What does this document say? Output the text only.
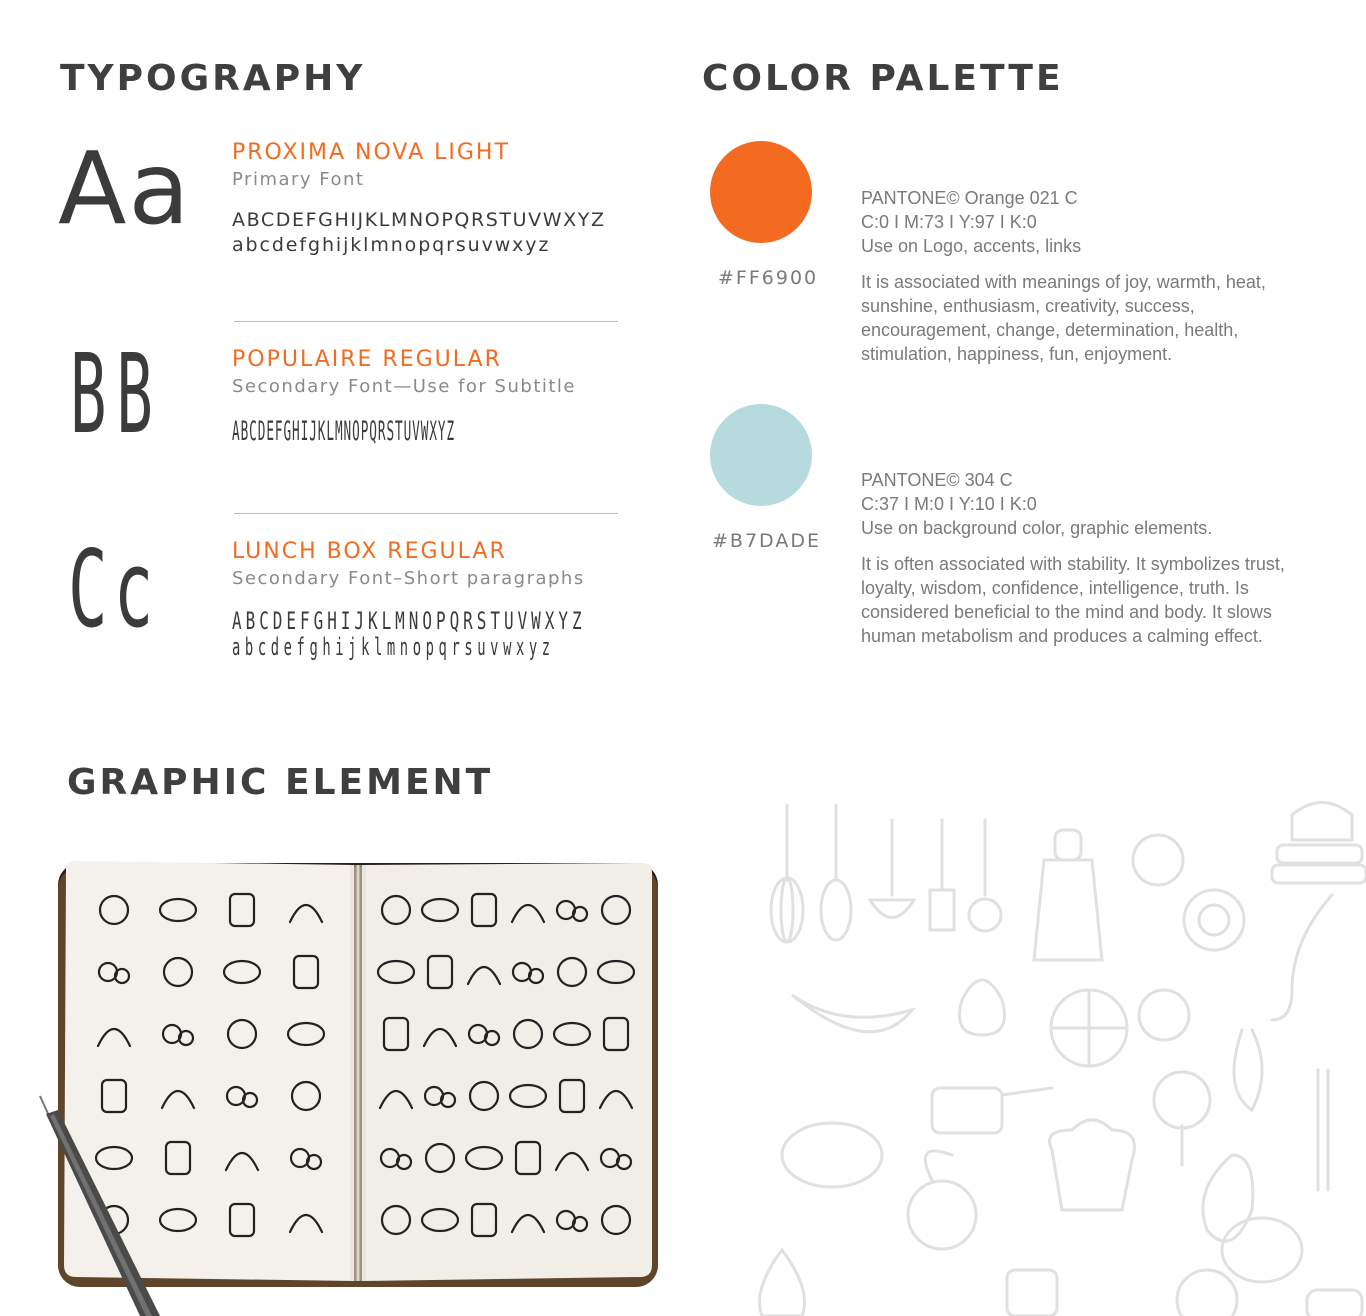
TYPOGRAPHY
Aa PROXIMA NOVA LIGHT
Primary Font
ABCDEFGHIJKLMNOPQRSTUVWXYZ
abcdefghijklmnopqrsuvwxyz
BB	POPULAIRE REGULAR
Secondary Font—Use for Subtitle
ABCDEFGHIJKLMNOPQRSTUVWXYZ
Cc	LUNCH BOX REGULAR
Secondary Font–Short paragraphs
ABCDEFGHIJKLMNOPQRSTUVWXYZ
abcdefghijklmnopqrsuvwxyz
COLOR PALETTE
#FF6900
PANTONE© Orange 021 C
C:0 I M:73 I Y:97 I K:0
Use on Logo, accents, links
It is associated with meanings of joy, warmth, heat, sunshine, enthusiasm, creativity, success, encouragement, change, determination, health, stimulation, happiness, fun, enjoyment.
#B7DADE
PANTONE© 304 C
C:37 I M:0 I Y:10 I K:0
Use on background color, graphic elements.
It is often associated with stability. It symbolizes trust, loyalty, wisdom, confidence, intelligence, truth. Is considered beneficial to the mind and body. It slows human metabolism and produces a calming effect.
GRAPHIC ELEMENT
